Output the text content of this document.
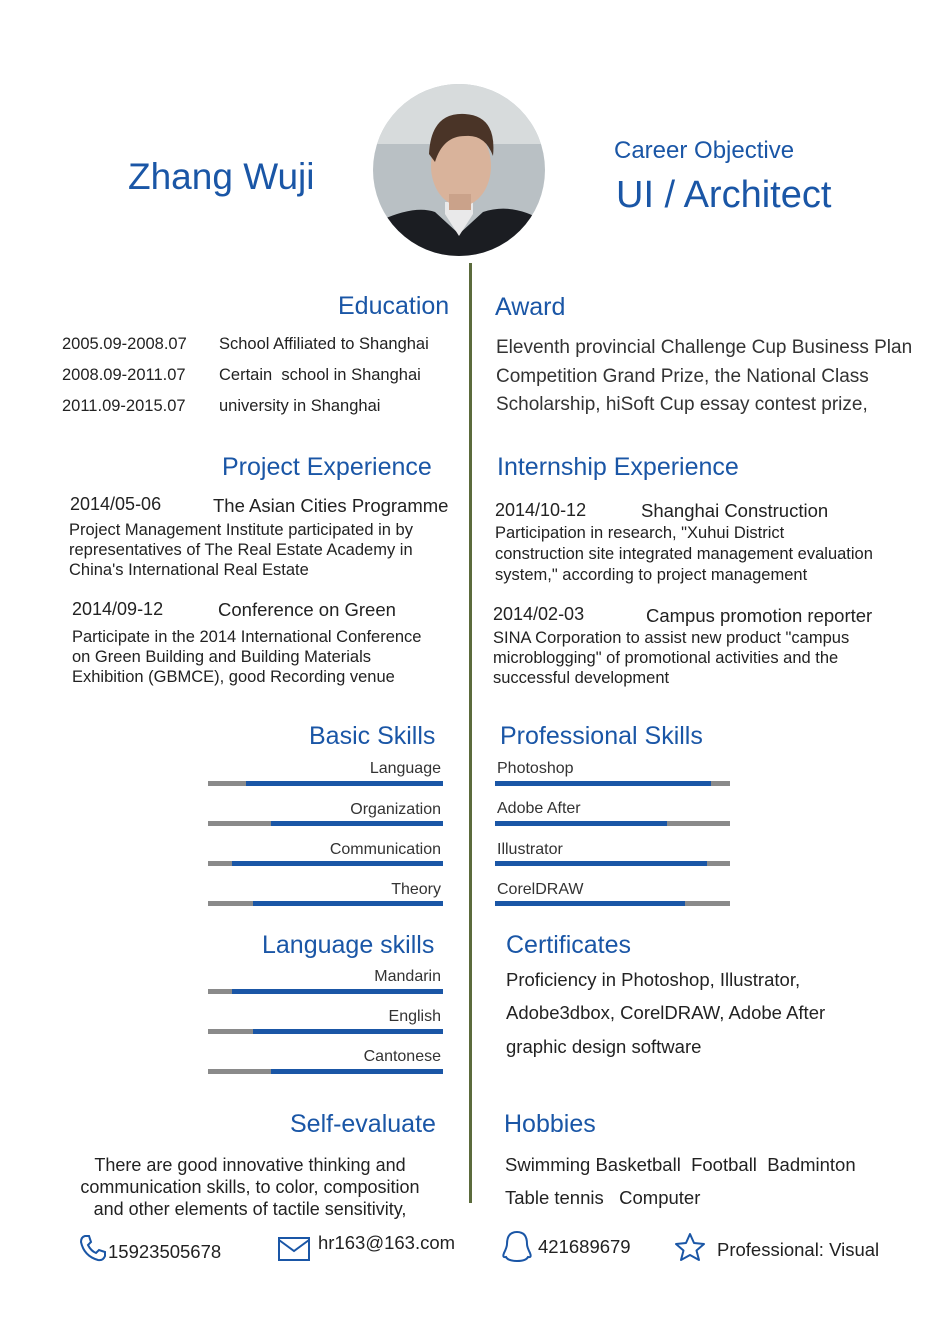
Zhang Wuji
Career Objective
UI / Architect
Education
2005.09-2008.07 School Affiliated to Shanghai
2008.09-2011.07 Certain  school in Shanghai
2011.09-2015.07 university in Shanghai
Award
Eleventh provincial Challenge Cup Business Plan
Competition Grand Prize, the National Class
Scholarship, hiSoft Cup essay contest prize,
Project Experience
2014/05-06	The Asian Cities Programme
Project Management Institute participated in by
representatives of The Real Estate Academy in
China's International Real Estate
2014/09-12	Conference on Green
Participate in the 2014 International Conference
on Green Building and Building Materials
Exhibition (GBMCE), good Recording venue
Internship Experience
2014/10-12	Shanghai Construction
Participation in research, "Xuhui District
construction site integrated management evaluation
system," according to project management
2014/02-03	Campus promotion reporter
SINA Corporation to assist new product "campus
microblogging" of promotional activities and the
successful development
Basic Skills
Language
Organization
Communication
Theory
Professional Skills
Photoshop
Adobe After
Illustrator
CorelDRAW
Language skills
Mandarin
English
Cantonese
Certificates
Proficiency in Photoshop, Illustrator,
Adobe3dbox, CorelDRAW, Adobe After
graphic design software
Self-evaluate
There are good innovative thinking and
communication skills, to color, composition
and other elements of tactile sensitivity,
Hobbies
Swimming Basketball  Football  Badminton
Table tennis   Computer
15923505678	hr163@163.com	421689679	Professional: Visual
